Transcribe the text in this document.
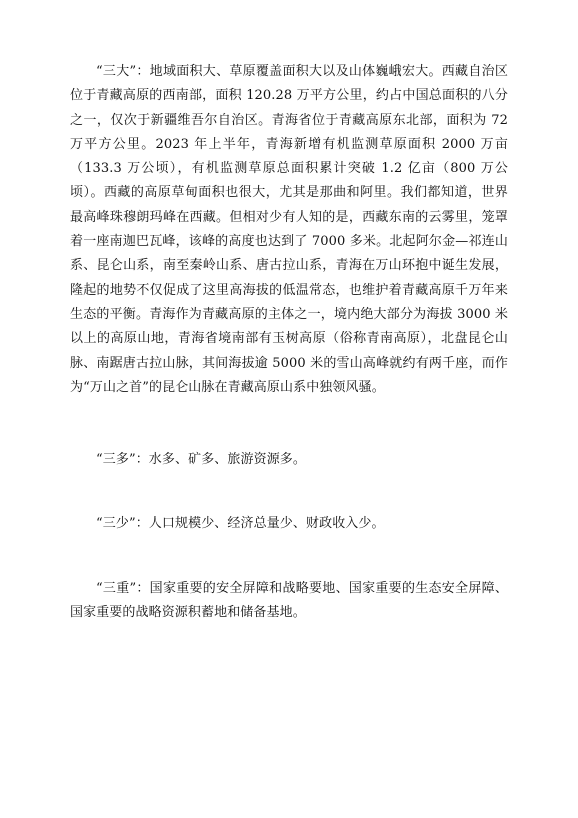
“三大”：地域面积大、草原覆盖面积大以及山体巍峨宏大。西藏自治区位于青藏高原的西南部，面积 120.28 万平方公里，约占中国总面积的八分之一，仅次于新疆维吾尔自治区。青海省位于青藏高原东北部，面积为 72 万平方公里。2023 年上半年，青海新增有机监测草原面积 2000 万亩（133.3 万公顷），有机监测草原总面积累计突破 1.2 亿亩（800 万公顷）。西藏的高原草甸面积也很大，尤其是那曲和阿里。我们都知道，世界最高峰珠穆朗玛峰在西藏。但相对少有人知的是，西藏东南的云雾里，笼罩着一座南迦巴瓦峰，该峰的高度也达到了 7000 多米。北起阿尔金—祁连山系、昆仑山系，南至秦岭山系、唐古拉山系，青海在万山环抱中诞生发展，隆起的地势不仅促成了这里高海拔的低温常态，也维护着青藏高原千万年来生态的平衡。青海作为青藏高原的主体之一，境内绝大部分为海拔 3000 米以上的高原山地，青海省境南部有玉树高原（俗称青南高原），北盘昆仑山脉、南踞唐古拉山脉，其间海拔逾 5000 米的雪山高峰就约有两千座，而作为“万山之首”的昆仑山脉在青藏高原山系中独领风骚。

“三多”：水多、矿多、旅游资源多。

“三少”：人口规模少、经济总量少、财政收入少。

“三重”：国家重要的安全屏障和战略要地、国家重要的生态安全屏障、国家重要的战略资源积蓄地和储备基地。
